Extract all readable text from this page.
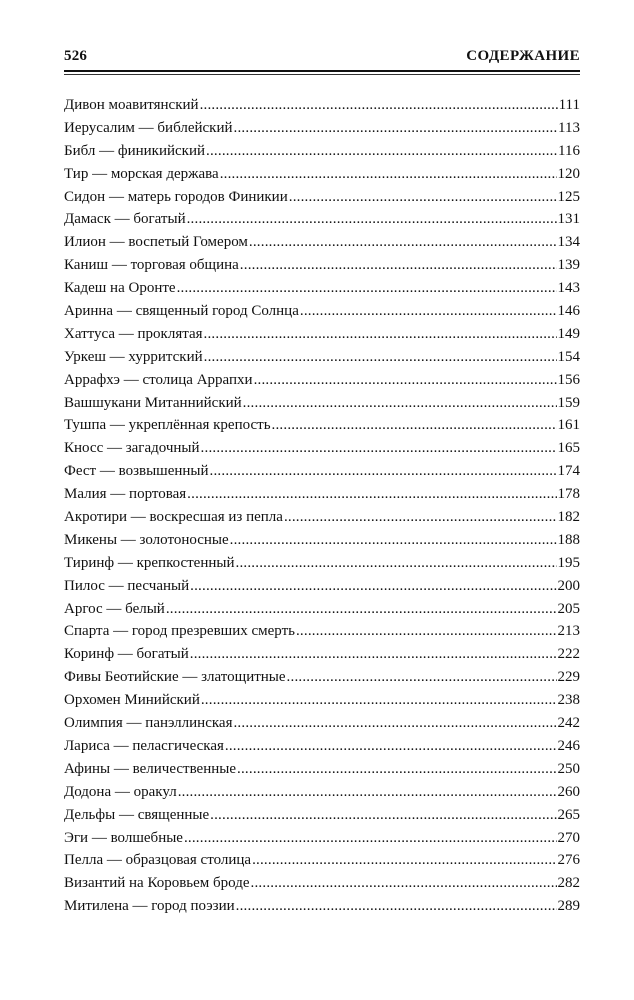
526	СОДЕРЖАНИЕ
Дивон моавитянский .....	111
Иерусалим — библейский .....	113
Библ — финикийский .....	116
Тир — морская держава .....	120
Сидон — матерь городов Финикии .....	125
Дамаск — богатый .....	131
Илион — воспетый Гомером .....	134
Каниш — торговая община .....	139
Кадеш на Оронте .....	143
Аринна — священный город Солнца .....	146
Хаттуса — проклятая .....	149
Уркеш — хурритский .....	154
Аррафхэ — столица Аррапхи .....	156
Вашшукани Митаннийский .....	159
Тушпа — укреплённая крепость .....	161
Кносс — загадочный .....	165
Фест — возвышенный .....	174
Малия — портовая .....	178
Акротири — воскресшая из пепла .....	182
Микены — золотоносные .....	188
Тиринф — крепкостенный .....	195
Пилос — песчаный .....	200
Аргос — белый .....	205
Спарта — город презревших смерть .....	213
Коринф — богатый .....	222
Фивы Беотийские — златощитные .....	229
Орхомен Минийский .....	238
Олимпия — панэллинская .....	242
Лариса — пеласгическая .....	246
Афины — величественные .....	250
Додона — оракул .....	260
Дельфы — священные .....	265
Эги — волшебные .....	270
Пелла — образцовая столица .....	276
Византий на Коровьем броде .....	282
Митилена — город поэзии .....	289
